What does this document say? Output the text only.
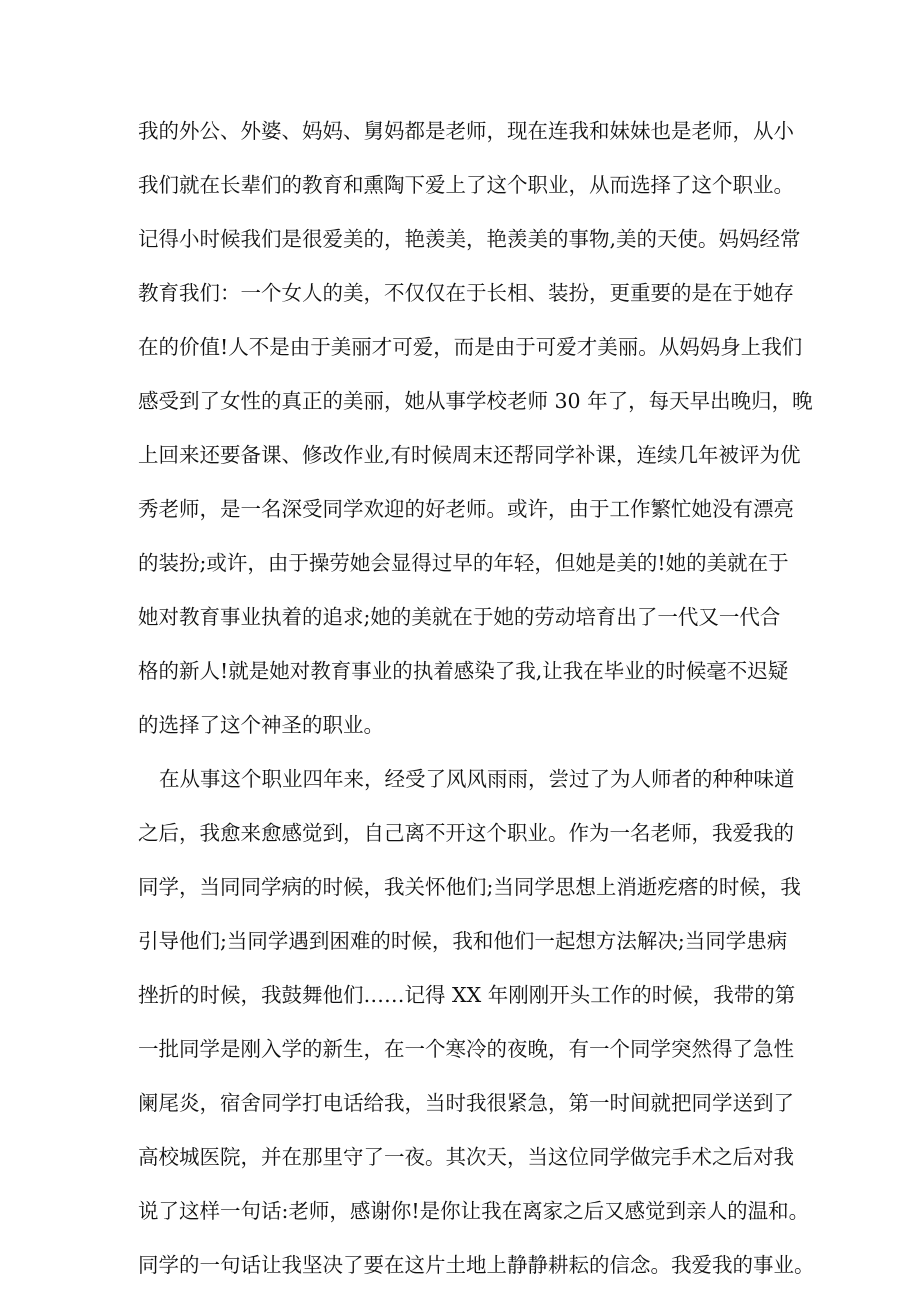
我的外公、外婆、妈妈、舅妈都是老师，现在连我和妹妹也是老师，从小
我们就在长辈们的教育和熏陶下爱上了这个职业，从而选择了这个职业。
记得小时候我们是很爱美的，艳羡美，艳羡美的事物,美的天使。妈妈经常
教育我们：一个女人的美，不仅仅在于长相、装扮，更重要的是在于她存
在的价值!人不是由于美丽才可爱，而是由于可爱才美丽。从妈妈身上我们
感受到了女性的真正的美丽，她从事学校老师 30 年了，每天早出晚归，晚
上回来还要备课、修改作业,有时候周末还帮同学补课，连续几年被评为优
秀老师，是一名深受同学欢迎的好老师。或许，由于工作繁忙她没有漂亮
的装扮;或许，由于操劳她会显得过早的年轻，但她是美的!她的美就在于
她对教育事业执着的追求;她的美就在于她的劳动培育出了一代又一代合
格的新人!就是她对教育事业的执着感染了我,让我在毕业的时候毫不迟疑
的选择了这个神圣的职业。
在从事这个职业四年来，经受了风风雨雨，尝过了为人师者的种种味道
之后，我愈来愈感觉到，自己离不开这个职业。作为一名老师，我爱我的
同学，当同同学病的时候，我关怀他们;当同学思想上消逝疙瘩的时候，我
引导他们;当同学遇到困难的时候，我和他们一起想方法解决;当同学患病
挫折的时候，我鼓舞他们……记得 XX 年刚刚开头工作的时候，我带的第
一批同学是刚入学的新生，在一个寒冷的夜晚，有一个同学突然得了急性
阑尾炎，宿舍同学打电话给我，当时我很紧急，第一时间就把同学送到了
高校城医院，并在那里守了一夜。其次天，当这位同学做完手术之后对我
说了这样一句话:老师，感谢你!是你让我在离家之后又感觉到亲人的温和。
同学的一句话让我坚决了要在这片土地上静静耕耘的信念。我爱我的事业。
